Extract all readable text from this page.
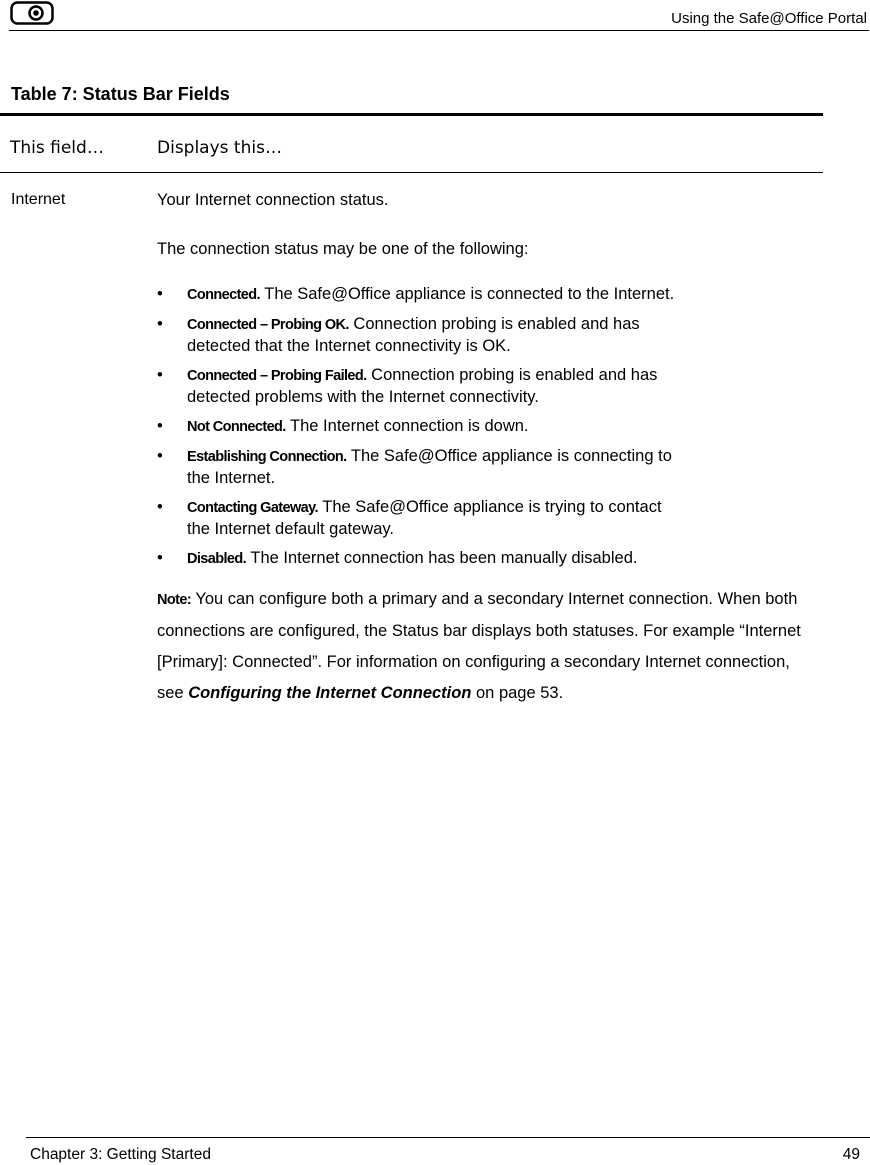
Using the Safe@Office Portal
Table 7: Status Bar Fields
This field…	Displays this…
Internet	Your Internet connection status.
The connection status may be one of the following:
•	Connected. The Safe@Office appliance is connected to the Internet.
•	Connected – Probing OK. Connection probing is enabled and has
detected that the Internet connectivity is OK.
•	Connected – Probing Failed. Connection probing is enabled and has
detected problems with the Internet connectivity.
•	Not Connected. The Internet connection is down.
•	Establishing Connection. The Safe@Office appliance is connecting to
the Internet.
•	Contacting Gateway. The Safe@Office appliance is trying to contact
the Internet default gateway.
•	Disabled. The Internet connection has been manually disabled.
Note: You can configure both a primary and a secondary Internet connection. When both connections are configured, the Status bar displays both statuses. For example “Internet [Primary]: Connected”. For information on configuring a secondary Internet connection, see Configuring the Internet Connection on page 53.
Chapter 3: Getting Started	49
